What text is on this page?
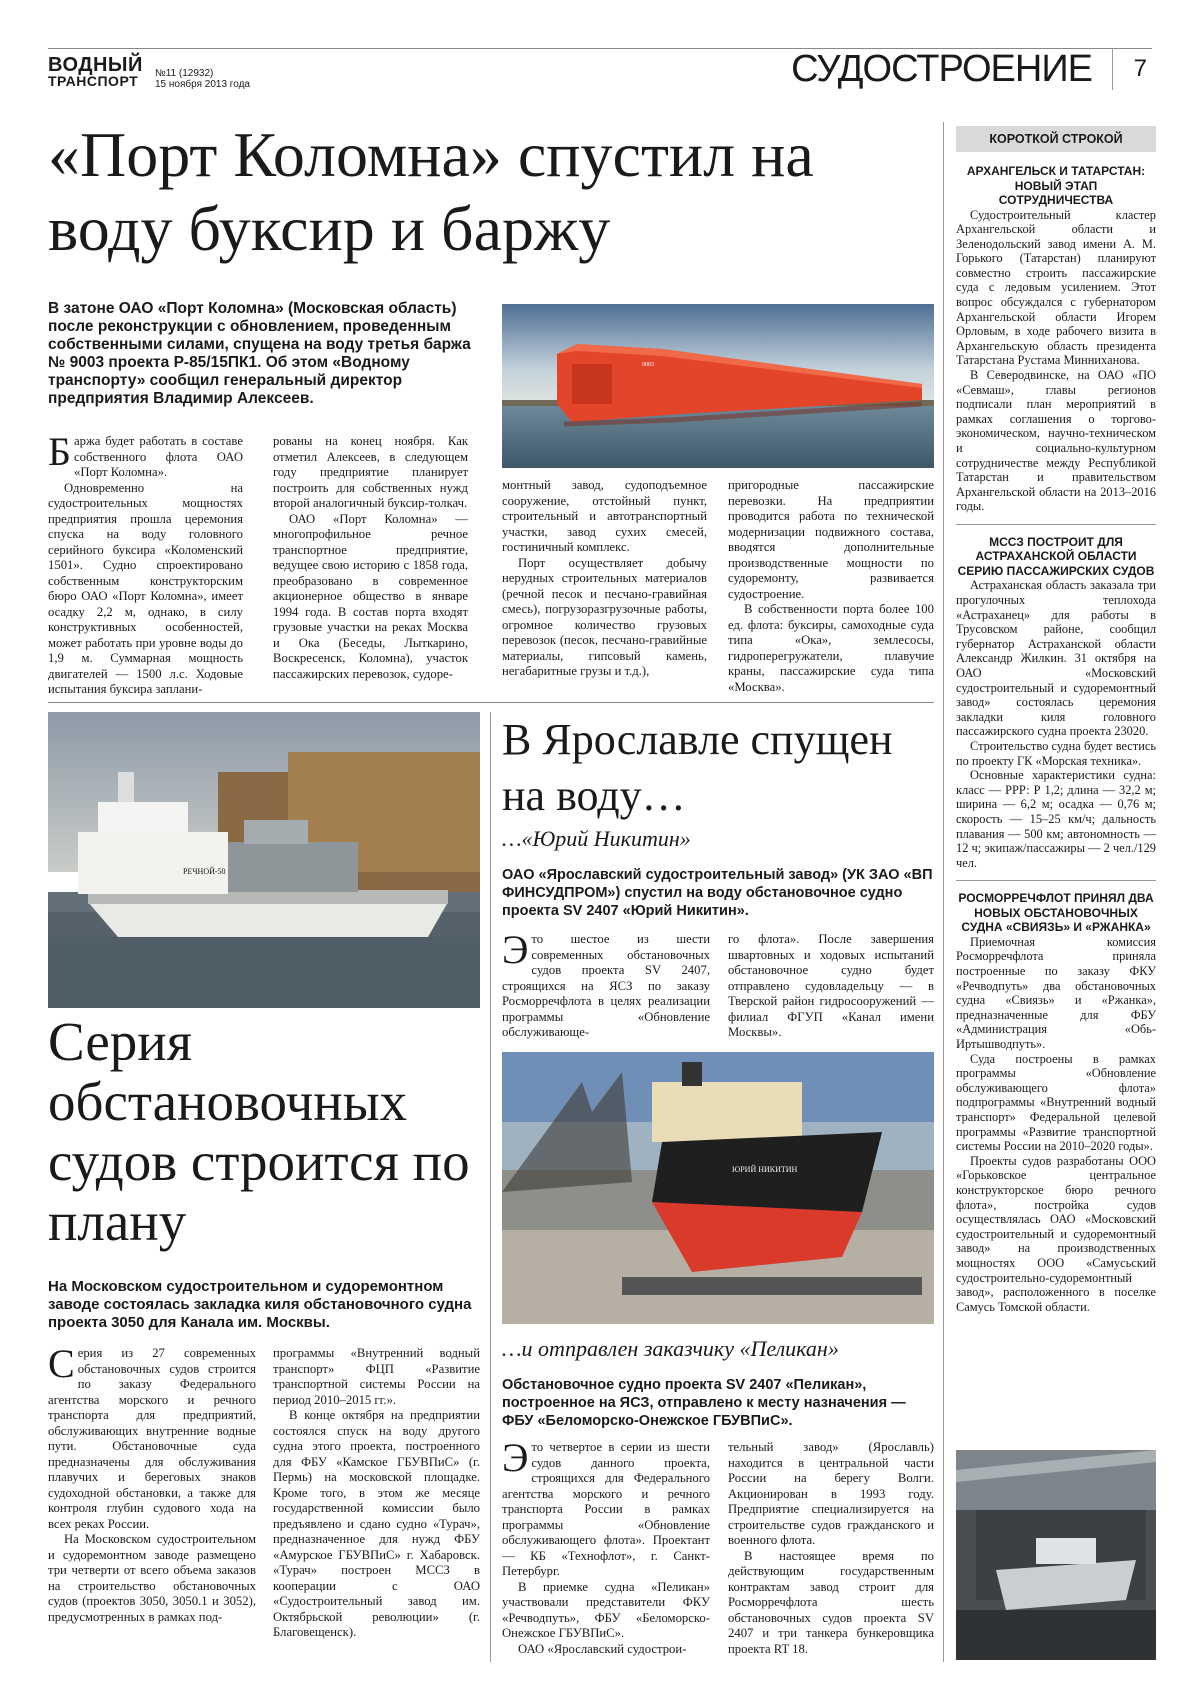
ВОДНЫЙ
ТРАНСПОРТ	№11 (12932)
15 ноября 2013 года	СУДОСТРОЕНИЕ 7
«Порт Коломна» спустил на воду буксир и баржу
В затоне ОАО «Порт Коломна» (Московская область) после реконструкции с обновлением, проведенным собственными силами, спущена на воду третья баржа № 9003 проекта Р-85/15ПК1. Об этом «Водному транспорту» сообщил генеральный директор предприятия Владимир Алексеев.
9003
Б аржа будет работать в составе собственного флота ОАО «Порт Коломна».

Одновременно на судостроительных мощностях предприятия прошла церемония спуска на воду головного серийного буксира «Коломенский 1501». Судно спроектировано собственным конструкторским бюро ОАО «Порт Коломна», имеет осадку 2,2 м, однако, в силу конструктивных особенностей, может работать при уровне воды до 1,9 м. Суммарная мощность двигателей — 1500 л.с. Ходовые испытания буксира заплани-

рованы на конец ноября. Как отметил Алексеев, в следующем году предприятие планирует построить для собственных нужд второй аналогичный буксир-толкач.

ОАО «Порт Коломна» — многопрофильное речное транспортное предприятие, ведущее свою историю с 1858 года, преобразовано в современное акционерное общество в январе 1994 года. В состав порта входят грузовые участки на реках Москва и Ока (Беседы, Лыткарино, Воскресенск, Коломна), участок пассажирских перевозок, судоре-

монтный завод, судоподъемное сооружение, отстойный пункт, строительный и автотранспортный участки, завод сухих смесей, гостиничный комплекс.

Порт осуществляет добычу нерудных строительных материалов (речной песок и песчано-гравийная смесь), погрузоразгрузочные работы, огромное количество грузовых перевозок (песок, песчано-гравийные материалы, гипсовый камень, негабаритные грузы и т.д.),

пригородные пассажирские перевозки. На предприятии проводится работа по технической модернизации подвижного состава, вводятся дополнительные производственные мощности по судоремонту, развивается судостроение.

В собственности порта более 100 ед. флота: буксиры, самоходные суда типа «Ока», землесосы, гидроперегружатели, плавучие краны, пассажирские суда типа «Москва».

РЕЧНОЙ-50
Серия обстановочных судов строится по плану
На Московском судостроительном и судоремонтном заводе состоялась закладка киля обстановочного судна проекта 3050 для Канала им. Москвы.
С ерия из 27 современных обстановочных судов строится по заказу Федерального агентства морского и речного транспорта для предприятий, обслуживающих внутренние водные пути. Обстановочные суда предназначены для обслуживания плавучих и береговых знаков судоходной обстановки, а также для контроля глубин судового хода на всех реках России.

На Московском судостроительном и судоремонтном заводе размещено три четверти от всего объема заказов на строительство обстановочных судов (проектов 3050, 3050.1 и 3052), предусмотренных в рамках под-

программы «Внутренний водный транспорт» ФЦП «Развитие транспортной системы России на период 2010–2015 гг.».

В конце октября на предприятии состоялся спуск на воду другого судна этого проекта, построенного для ФБУ «Камское ГБУВПиС» (г. Пермь) на московской площадке. Кроме того, в этом же месяце государственной комиссии было предъявлено и сдано судно «Турач», предназначенное для нужд ФБУ «Амурское ГБУВПиС» г. Хабаровск. «Турач» построен МССЗ в кооперации с ОАО «Судостроительный завод им. Октябрьской революции» (г. Благовещенск).

В Ярославле спущен на воду…
…«Юрий Никитин»
ОАО «Ярославский судостроительный завод» (УК ЗАО «ВП ФИНСУДПРОМ») спустил на воду обстановочное судно проекта SV 2407 «Юрий Никитин».
Э то шестое из шести современных обстановочных судов проекта SV 2407, строящихся на ЯСЗ по заказу Росморречфлота в целях реализации программы «Обновление обслуживающе-

го флота». После завершения швартовных и ходовых испытаний обстановочное судно будет отправлено судовладельцу — в Тверской район гидросооружений — филиал ФГУП «Канал имени Москвы».

ЮРИЙ НИКИТИН
…и отправлен заказчику «Пеликан»
Обстановочное судно проекта SV 2407 «Пеликан», построенное на ЯСЗ, отправлено к месту назначения — ФБУ «Беломорско-Онежское ГБУВПиС».
Э то четвертое в серии из шести судов данного проекта, строящихся для Федерального агентства морского и речного транспорта России в рамках программы «Обновление обслуживающего флота». Проектант — КБ «Технофлот», г. Санкт-Петербург.

В приемке судна «Пеликан» участвовали представители ФКУ «Речводпуть», ФБУ «Беломорско-Онежское ГБУВПиС».

ОАО «Ярославский судострои-

тельный завод» (Ярославль) находится в центральной части России на берегу Волги. Акционирован в 1993 году. Предприятие специализируется на строительстве судов гражданского и военного флота.

В настоящее время по действующим государственным контрактам завод строит для Росморречфлота шесть обстановочных судов проекта SV 2407 и три танкера бункеровщика проекта RT 18.

КОРОТКОЙ СТРОКОЙ
АРХАНГЕЛЬСК И ТАТАРСТАН: НОВЫЙ ЭТАП СОТРУДНИЧЕСТВА

Судостроительный кластер Архангельской области и Зеленодольский завод имени А. М. Горького (Татарстан) планируют совместно строить пассажирские суда с ледовым усилением. Этот вопрос обсуждался с губернатором Архангельской области Игорем Орловым, в ходе рабочего визита в Архангельскую область президента Татарстана Рустама Минниханова.

В Северодвинске, на ОАО «ПО «Севмаш», главы регионов подписали план мероприятий в рамках соглашения о торгово-экономическом, научно-техническом и социально-культурном сотрудничестве между Республикой Татарстан и правительством Архангельской области на 2013–2016 годы.

МССЗ ПОСТРОИТ ДЛЯ АСТРАХАНСКОЙ ОБЛАСТИ СЕРИЮ ПАССАЖИРСКИХ СУДОВ

Астраханская область заказала три прогулочных теплохода «Астраханец» для работы в Трусовском районе, сообщил губернатор Астраханской области Александр Жилкин. 31 октября на ОАО «Московский судостроительный и судоремонтный завод» состоялась церемония закладки киля головного пассажирского судна проекта 23020.

Строительство судна будет вестись по проекту ГК «Морская техника».

Основные характеристики судна: класс — РРР: Р 1,2; длина — 32,2 м; ширина — 6,2 м; осадка — 0,76 м; скорость — 15–25 км/ч; дальность плавания — 500 км; автономность — 12 ч; экипаж/пассажиры — 2 чел./129 чел.

РОСМОРРЕЧФЛОТ ПРИНЯЛ ДВА НОВЫХ ОБСТАНОВОЧНЫХ СУДНА «СВИЯЗЬ» И «РЖАНКА»

Приемочная комиссия Росморречфлота приняла построенные по заказу ФКУ «Речводпуть» два обстановочных судна «Свиязь» и «Ржанка», предназначенные для ФБУ «Администрация «Обь-Иртышводпуть».

Суда построены в рамках программы «Обновление обслуживающего флота» подпрограммы «Внутренний водный транспорт» Федеральной целевой программы «Развитие транспортной системы России на 2010–2020 годы».

Проекты судов разработаны ООО «Горьковское центральное конструкторское бюро речного флота», постройка судов осуществлялась ОАО «Московский судостроительный и судоремонтный завод» на производственных мощностях ООО «Самусьский судостроительно-судоремонтный завод», расположенного в поселке Самусь Томской области.
